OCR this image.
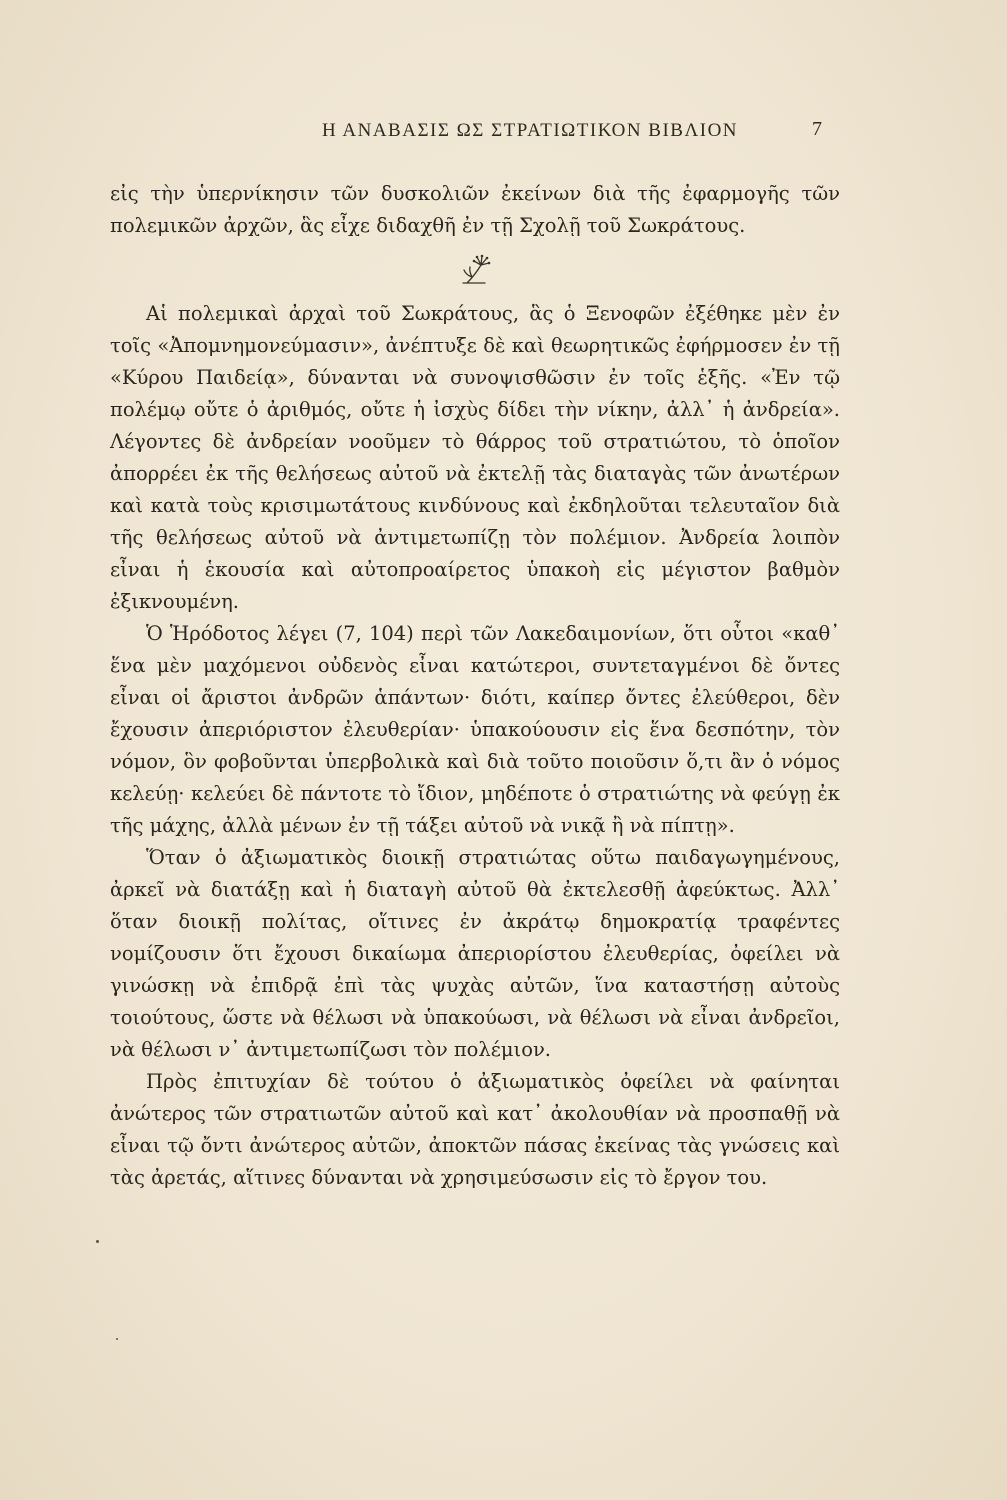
Η ΑΝΑΒΑΣΙΣ ΩΣ ΣΤΡΑΤΙΩΤΙΚΟΝ ΒΙΒΛΙΟΝ	7

εἰς τὴν ὑπερνίκησιν τῶν δυσκολιῶν ἐκείνων διὰ τῆς ἐφαρμογῆς τῶν πολεμικῶν ἀρχῶν, ἃς εἶχε διδαχθῆ ἐν τῇ Σχολῇ τοῦ Σωκράτους.

Αἱ πολεμικαὶ ἀρχαὶ τοῦ Σωκράτους, ἃς ὁ Ξενοφῶν ἐξέθηκε μὲν ἐν τοῖς «Ἀπομνημονεύμασιν», ἀνέπτυξε δὲ καὶ θεωρητικῶς ἐφήρμοσεν ἐν τῇ «Κύρου Παιδείᾳ», δύνανται νὰ συνοψισθῶσιν ἐν τοῖς ἑξῆς. «Ἐν τῷ πολέμῳ οὔτε ὁ ἀριθμός, οὔτε ἡ ἰσχὺς δίδει τὴν νίκην, ἀλλ᾽ ἡ ἀνδρεία». Λέγοντες δὲ ἀνδρείαν νοοῦμεν τὸ θάρρος τοῦ στρατιώτου, τὸ ὁποῖον ἀπορρέει ἐκ τῆς θελήσεως αὐτοῦ νὰ ἐκτελῇ τὰς διαταγὰς τῶν ἀνωτέρων καὶ κατὰ τοὺς κρισιμωτάτους κινδύνους καὶ ἐκδηλοῦται τελευταῖον διὰ τῆς θελήσεως αὐτοῦ νὰ ἀντιμετωπίζῃ τὸν πολέμιον. Ἀνδρεία λοιπὸν εἶναι ἡ ἑκουσία καὶ αὐτοπροαίρετος ὑπακοὴ εἰς μέγιστον βαθμὸν ἐξικνουμένη.

Ὁ Ἡρόδοτος λέγει (7, 104) περὶ τῶν Λακεδαιμονίων, ὅτι οὗτοι «καθ᾽ ἕνα μὲν μαχόμενοι οὐδενὸς εἶναι κατώτεροι, συντεταγμένοι δὲ ὄντες εἶναι οἱ ἄριστοι ἀνδρῶν ἁπάντων· διότι, καίπερ ὄντες ἐλεύθεροι, δὲν ἔχουσιν ἀπεριόριστον ἐλευθερίαν· ὑπακούουσιν εἰς ἕνα δεσπότην, τὸν νόμον, ὃν φοβοῦνται ὑπερβολικὰ καὶ διὰ τοῦτο ποιοῦσιν ὅ,τι ἂν ὁ νόμος κελεύῃ· κελεύει δὲ πάντοτε τὸ ἴδιον, μηδέποτε ὁ στρατιώτης νὰ φεύγῃ ἐκ τῆς μάχης, ἀλλὰ μένων ἐν τῇ τάξει αὐτοῦ νὰ νικᾷ ἢ νὰ πίπτῃ».

Ὅταν ὁ ἀξιωματικὸς διοικῇ στρατιώτας οὕτω παιδαγωγημένους, ἀρκεῖ νὰ διατάξῃ καὶ ἡ διαταγὴ αὐτοῦ θὰ ἐκτελεσθῇ ἀφεύκτως. Ἀλλ᾽ ὅταν διοικῇ πολίτας, οἵτινες ἐν ἀκράτῳ δημοκρατίᾳ τραφέντες νομίζουσιν ὅτι ἔχουσι δικαίωμα ἀπεριορίστου ἐλευθερίας, ὀφείλει νὰ γινώσκῃ νὰ ἐπιδρᾷ ἐπὶ τὰς ψυχὰς αὐτῶν, ἵνα καταστήσῃ αὐτοὺς τοιούτους, ὥστε νὰ θέλωσι νὰ ὑπακούωσι, νὰ θέλωσι νὰ εἶναι ἀνδρεῖοι, νὰ θέλωσι ν᾽ ἀντιμετωπίζωσι τὸν πολέμιον.

Πρὸς ἐπιτυχίαν δὲ τούτου ὁ ἀξιωματικὸς ὀφείλει νὰ φαίνηται ἀνώτερος τῶν στρατιωτῶν αὐτοῦ καὶ κατ᾽ ἀκολουθίαν νὰ προσπαθῇ νὰ εἶναι τῷ ὄντι ἀνώτερος αὐτῶν, ἀποκτῶν πάσας ἐκείνας τὰς γνώσεις καὶ τὰς ἀρετάς, αἵτινες δύνανται νὰ χρησιμεύσωσιν εἰς τὸ ἔργον του.
